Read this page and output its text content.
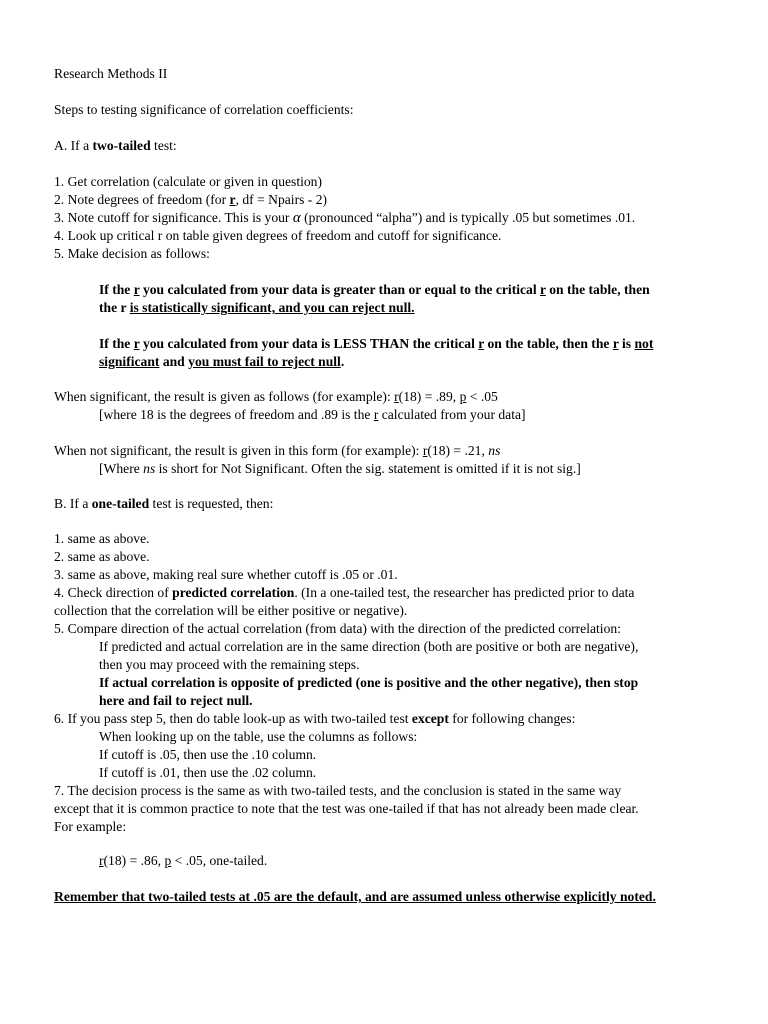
Research Methods II
Steps to testing significance of correlation coefficients:
A. If a two-tailed test:
1. Get correlation (calculate or given in question)
2. Note degrees of freedom (for r, df = Npairs - 2)
3. Note cutoff for significance. This is your α (pronounced “alpha”) and is typically .05 but sometimes .01.
4. Look up critical r on table given degrees of freedom and cutoff for significance.
5. Make decision as follows:
If the r you calculated from your data is greater than or equal to the critical r on the table, then
the r is statistically significant, and you can reject null.
If the r you calculated from your data is LESS THAN the critical r on the table, then the r is not
significant and you must fail to reject null.
When significant, the result is given as follows (for example): r(18) = .89, p < .05
[where 18 is the degrees of freedom and .89 is the r calculated from your data]
When not significant, the result is given in this form (for example): r(18) = .21, ns
[Where ns is short for Not Significant. Often the sig. statement is omitted if it is not sig.]
B. If a one-tailed test is requested, then:
1. same as above.
2. same as above.
3. same as above, making real sure whether cutoff is .05 or .01.
4. Check direction of predicted correlation. (In a one-tailed test, the researcher has predicted prior to data
collection that the correlation will be either positive or negative).
5. Compare direction of the actual correlation (from data) with the direction of the predicted correlation:
If predicted and actual correlation are in the same direction (both are positive or both are negative),
then you may proceed with the remaining steps.
If actual correlation is opposite of predicted (one is positive and the other negative), then stop
here and fail to reject null.
6. If you pass step 5, then do table look-up as with two-tailed test except for following changes:
When looking up on the table, use the columns as follows:
If cutoff is .05, then use the .10 column.
If cutoff is .01, then use the .02 column.
7. The decision process is the same as with two-tailed tests, and the conclusion is stated in the same way
except that it is common practice to note that the test was one-tailed if that has not already been made clear.
For example:
r(18) = .86, p < .05, one-tailed.
Remember that two-tailed tests at .05 are the default, and are assumed unless otherwise explicitly noted.
